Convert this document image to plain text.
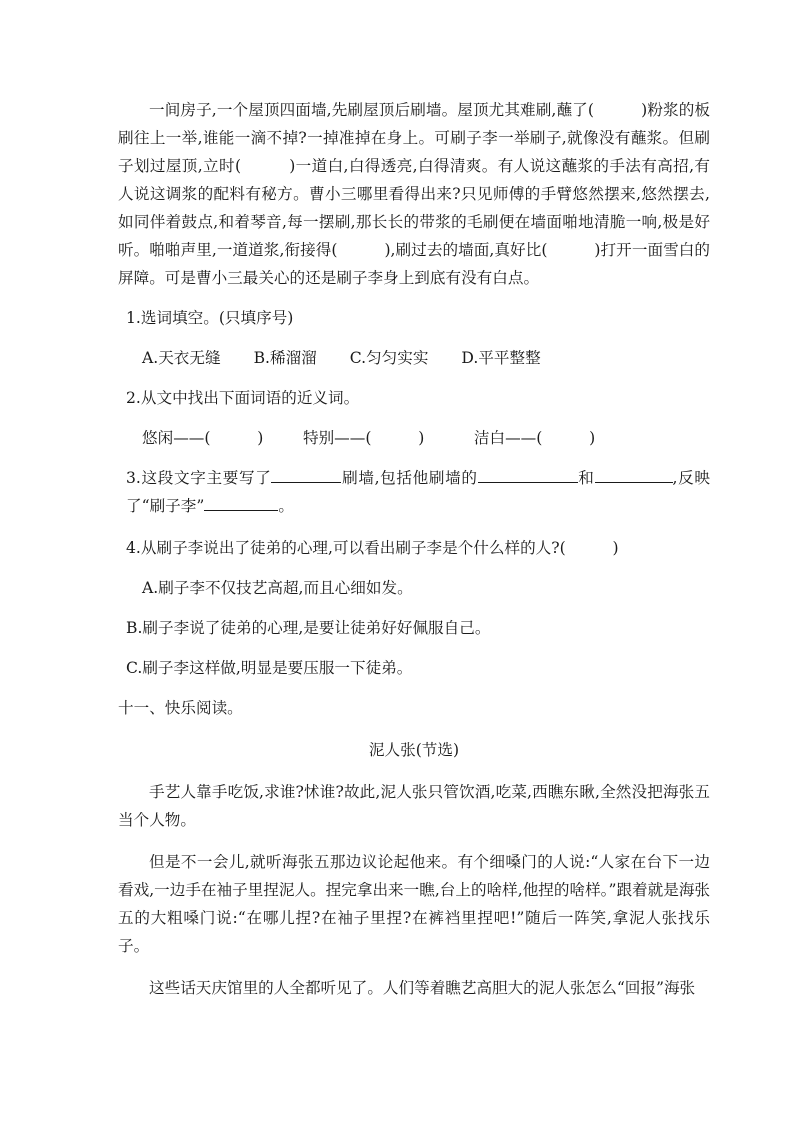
一间房子,一个屋顶四面墙,先刷屋顶后刷墙。屋顶尤其难刷,蘸了(　　　)粉浆的板刷往上一举,谁能一滴不掉?一掉准掉在身上。可刷子李一举刷子,就像没有蘸浆。但刷子划过屋顶,立时(　　　)一道白,白得透亮,白得清爽。有人说这蘸浆的手法有高招,有人说这调浆的配料有秘方。曹小三哪里看得出来?只见师傅的手臂悠然摆来,悠然摆去,如同伴着鼓点,和着琴音,每一摆刷,那长长的带浆的毛刷便在墙面啪地清脆一响,极是好听。啪啪声里,一道道浆,衔接得(　　　),刷过去的墙面,真好比(　　　)打开一面雪白的屏障。可是曹小三最关心的还是刷子李身上到底有没有白点。

1.选词填空。(只填序号)

A.天衣无缝 B.稀溜溜 C.匀匀实实 D.平平整整

2.从文中找出下面词语的近义词。

悠闲——(　　　)	特别——(　　　)	洁白——(　　　)

3.这段文字主要写了	刷墙,包括他刷墙的	和	,反映了“刷子李”	。

4.从刷子李说出了徒弟的心理,可以看出刷子李是个什么样的人?(　　　)

A.刷子李不仅技艺高超,而且心细如发。

B.刷子李说了徒弟的心理,是要让徒弟好好佩服自己。

C.刷子李这样做,明显是要压服一下徒弟。

十一、快乐阅读。

泥人张(节选)

手艺人靠手吃饭,求谁?怵谁?故此,泥人张只管饮酒,吃菜,西瞧东瞅,全然没把海张五当个人物。

但是不一会儿,就听海张五那边议论起他来。有个细嗓门的人说:“人家在台下一边看戏,一边手在袖子里捏泥人。捏完拿出来一瞧,台上的啥样,他捏的啥样。”跟着就是海张五的大粗嗓门说:“在哪儿捏?在袖子里捏?在裤裆里捏吧!”随后一阵笑,拿泥人张找乐子。

这些话天庆馆里的人全都听见了。人们等着瞧艺高胆大的泥人张怎么“回报”海张
